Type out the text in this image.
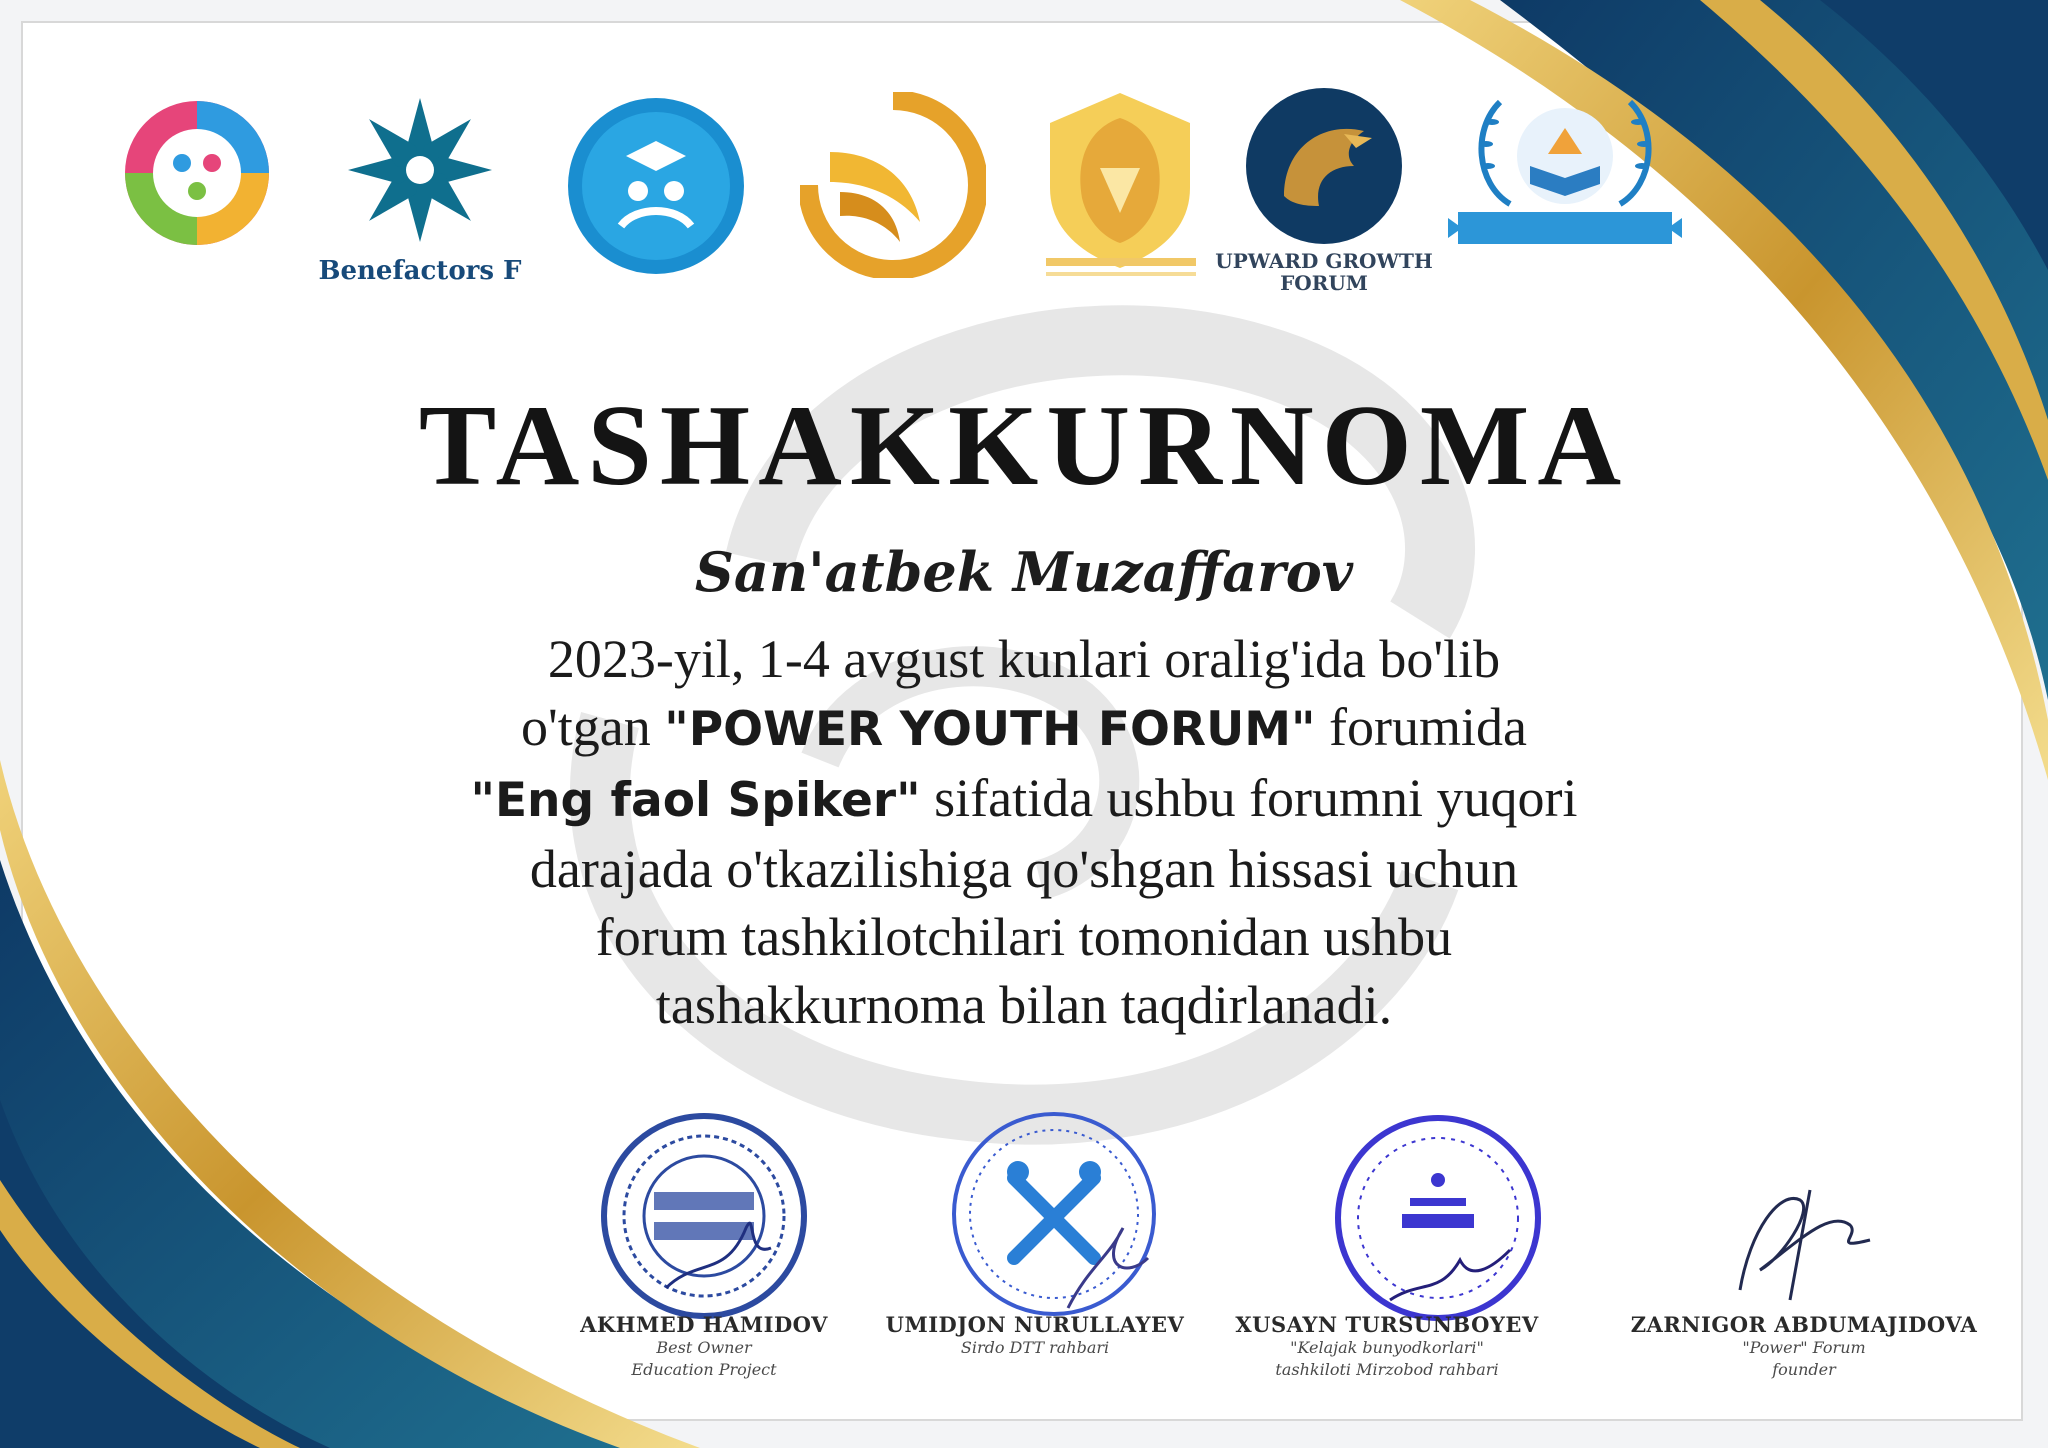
Benefactors F	UPWARD GROWTH FORUM
TASHAKKURNOMA
San'atbek Muzaffarov
2023-yil, 1-4 avgust kunlari oralig'ida bo'lib
o'tgan "POWER YOUTH FORUM" forumida
"Eng faol Spiker" sifatida ushbu forumni yuqori
darajada o'tkazilishiga qo'shgan hissasi uchun
forum tashkilotchilari tomonidan ushbu
tashakkurnoma bilan taqdirlanadi.
AKHMED HAMIDOV
Best Owner
Education Project
UMIDJON NURULLAYEV
Sirdo DTT rahbari
XUSAYN TURSUNBOYEV
"Kelajak bunyodkorlari"
tashkiloti Mirzobod rahbari
ZARNIGOR ABDUMAJIDOVA
"Power" Forum
founder
